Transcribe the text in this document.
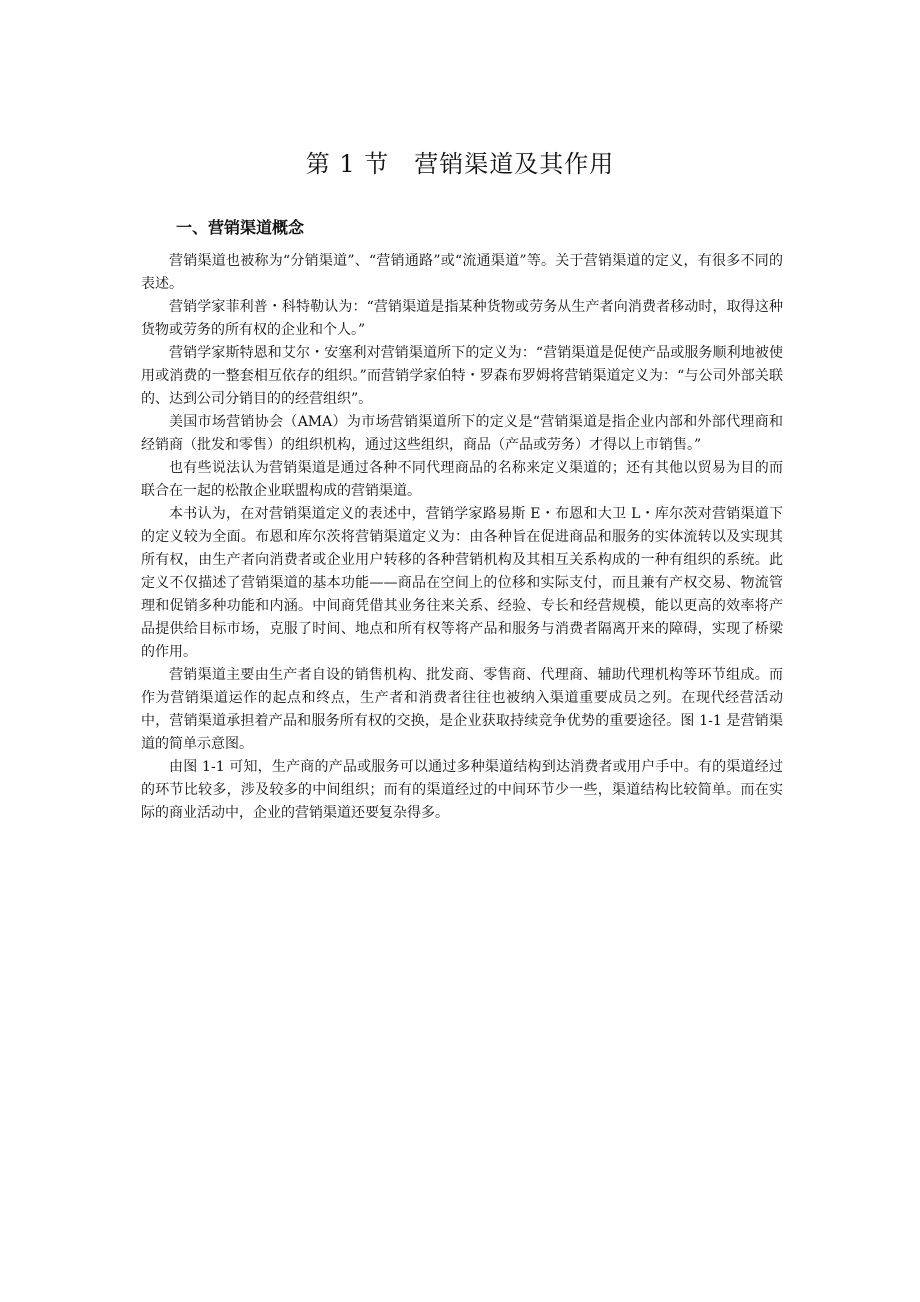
第 1 节　营销渠道及其作用
一、营销渠道概念

营销渠道也被称为“分销渠道”、“营销通路”或“流通渠道”等。关于营销渠道的定义，有很多不同的表述。

营销学家菲利普・科特勒认为：“营销渠道是指某种货物或劳务从生产者向消费者移动时，取得这种货物或劳务的所有权的企业和个人。”

营销学家斯特恩和艾尔・安塞利对营销渠道所下的定义为：“营销渠道是促使产品或服务顺利地被使用或消费的一整套相互依存的组织。”而营销学家伯特・罗森布罗姆将营销渠道定义为：“与公司外部关联的、达到公司分销目的的经营组织”。

美国市场营销协会（AMA）为市场营销渠道所下的定义是“营销渠道是指企业内部和外部代理商和经销商（批发和零售）的组织机构，通过这些组织，商品（产品或劳务）才得以上市销售。”

也有些说法认为营销渠道是通过各种不同代理商品的名称来定义渠道的；还有其他以贸易为目的而联合在一起的松散企业联盟构成的营销渠道。

本书认为，在对营销渠道定义的表述中，营销学家路易斯 E・布恩和大卫 L・库尔茨对营销渠道下的定义较为全面。布恩和库尔茨将营销渠道定义为：由各种旨在促进商品和服务的实体流转以及实现其所有权，由生产者向消费者或企业用户转移的各种营销机构及其相互关系构成的一种有组织的系统。此定义不仅描述了营销渠道的基本功能——商品在空间上的位移和实际支付，而且兼有产权交易、物流管理和促销多种功能和内涵。中间商凭借其业务往来关系、经验、专长和经营规模，能以更高的效率将产品提供给目标市场，克服了时间、地点和所有权等将产品和服务与消费者隔离开来的障碍，实现了桥梁的作用。

营销渠道主要由生产者自设的销售机构、批发商、零售商、代理商、辅助代理机构等环节组成。而作为营销渠道运作的起点和终点，生产者和消费者往往也被纳入渠道重要成员之列。在现代经营活动中，营销渠道承担着产品和服务所有权的交换，是企业获取持续竞争优势的重要途径。图 1-1 是营销渠道的简单示意图。

由图 1-1 可知，生产商的产品或服务可以通过多种渠道结构到达消费者或用户手中。有的渠道经过的环节比较多，涉及较多的中间组织；而有的渠道经过的中间环节少一些，渠道结构比较简单。而在实际的商业活动中，企业的营销渠道还要复杂得多。
